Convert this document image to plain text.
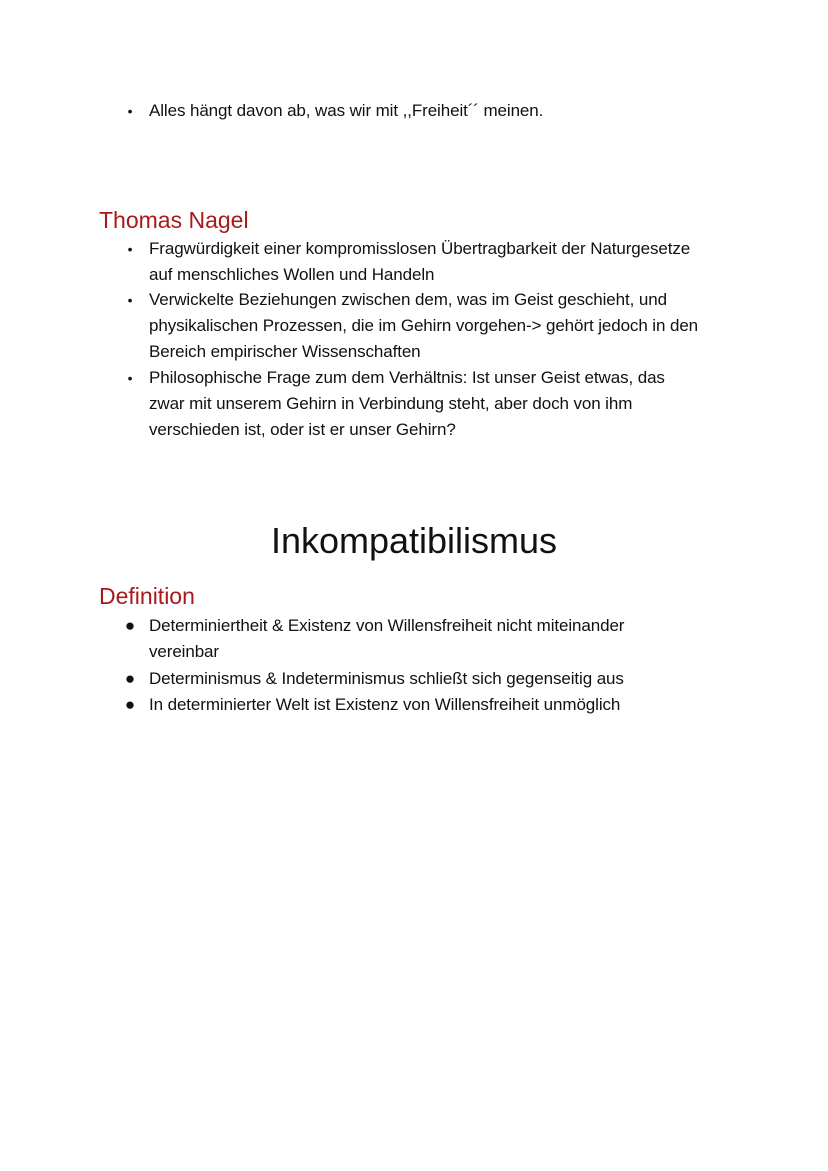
• Alles hängt davon ab, was wir mit ,,Freiheit´´ meinen.
Thomas Nagel
• Fragwürdigkeit einer kompromisslosen Übertragbarkeit der Naturgesetze
auf menschliches Wollen und Handeln
• Verwickelte Beziehungen zwischen dem, was im Geist geschieht, und
physikalischen Prozessen, die im Gehirn vorgehen-> gehört jedoch in den
Bereich empirischer Wissenschaften
• Philosophische Frage zum dem Verhältnis: Ist unser Geist etwas, das
zwar mit unserem Gehirn in Verbindung steht, aber doch von ihm
verschieden ist, oder ist er unser Gehirn?
Inkompatibilismus
Definition
● Determiniertheit & Existenz von Willensfreiheit nicht miteinander
vereinbar
● Determinismus & Indeterminismus schließt sich gegenseitig aus
● In determinierter Welt ist Existenz von Willensfreiheit unmöglich
